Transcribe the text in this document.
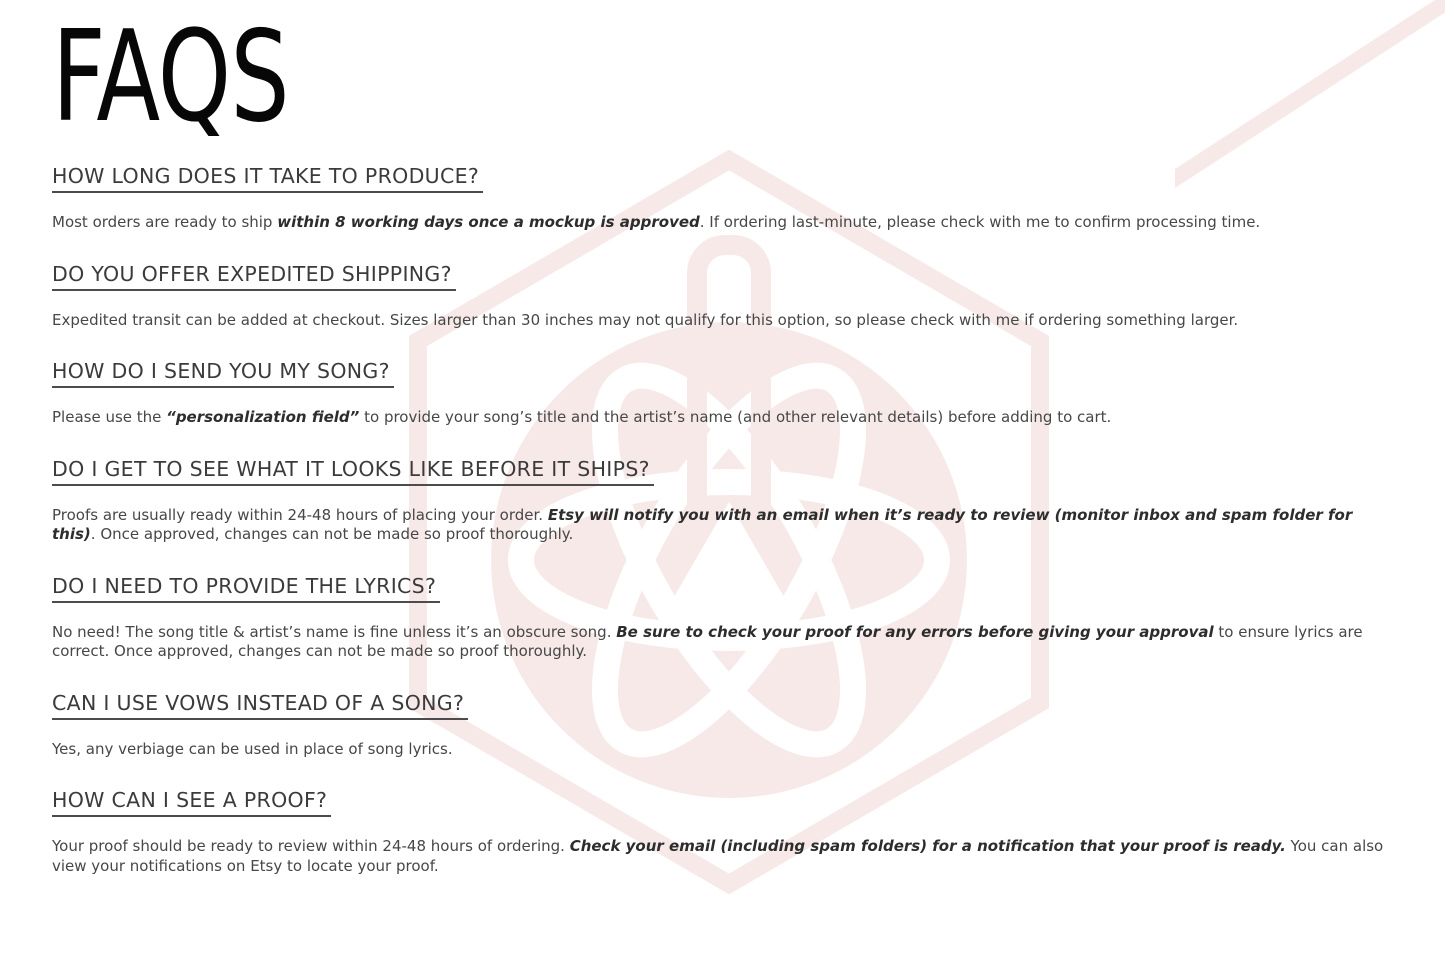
FAQS
HOW LONG DOES IT TAKE TO PRODUCE?

Most orders are ready to ship within 8 working days once a mockup is approved. If ordering last-minute, please check with me to confirm processing time.

DO YOU OFFER EXPEDITED SHIPPING?

Expedited transit can be added at checkout. Sizes larger than 30 inches may not qualify for this option, so please check with me if ordering something larger.

HOW DO I SEND YOU MY SONG?

Please use the “personalization field” to provide your song’s title and the artist’s name (and other relevant details) before adding to cart.

DO I GET TO SEE WHAT IT LOOKS LIKE BEFORE IT SHIPS?

Proofs are usually ready within 24-48 hours of placing your order. Etsy will notify you with an email when it’s ready to review (monitor inbox and spam folder for this). Once approved, changes can not be made so proof thoroughly.

DO I NEED TO PROVIDE THE LYRICS?

No need! The song title & artist’s name is fine unless it’s an obscure song. Be sure to check your proof for any errors before giving your approval to ensure lyrics are correct. Once approved, changes can not be made so proof thoroughly.

CAN I USE VOWS INSTEAD OF A SONG?

Yes, any verbiage can be used in place of song lyrics.

HOW CAN I SEE A PROOF?

Your proof should be ready to review within 24-48 hours of ordering. Check your email (including spam folders) for a notification that your proof is ready. You can also view your notifications on Etsy to locate your proof.
